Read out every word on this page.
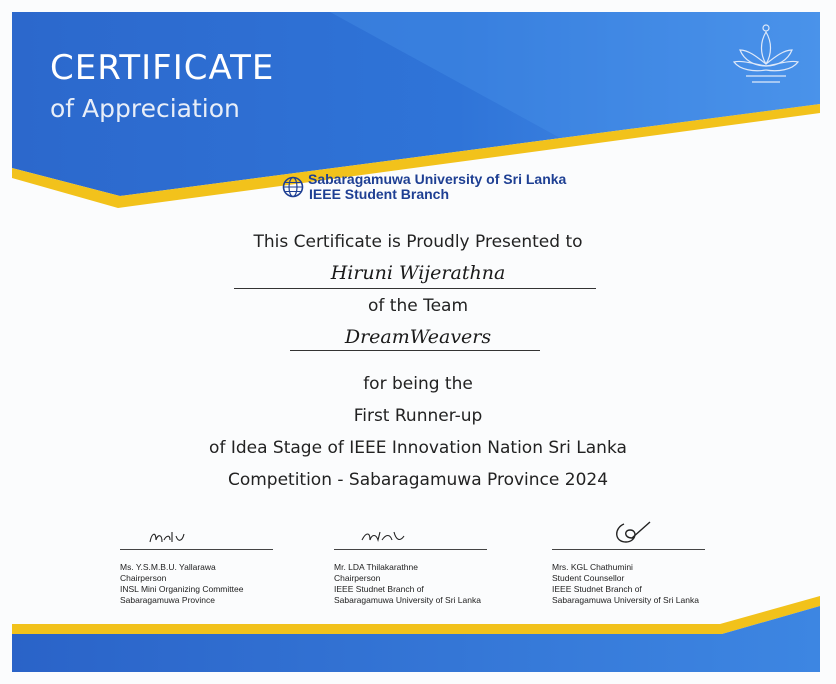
CERTIFICATE
of Appreciation
Sabaragamuwa University of Sri Lanka
IEEE Student Branch
This Certificate is Proudly Presented to
Hiruni Wijerathna
of the Team
DreamWeavers
for being the
First Runner-up
of Idea Stage of IEEE Innovation Nation Sri Lanka
Competition - Sabaragamuwa Province 2024
Ms. Y.S.M.B.U. Yallarawa
Chairperson
INSL Mini Organizing Committee
Sabaragamuwa Province
Mr. LDA Thilakarathne
Chairperson
IEEE Studnet Branch of
Sabaragamuwa University of Sri Lanka
Mrs. KGL Chathumini
Student Counsellor
IEEE Studnet Branch of
Sabaragamuwa University of Sri Lanka
